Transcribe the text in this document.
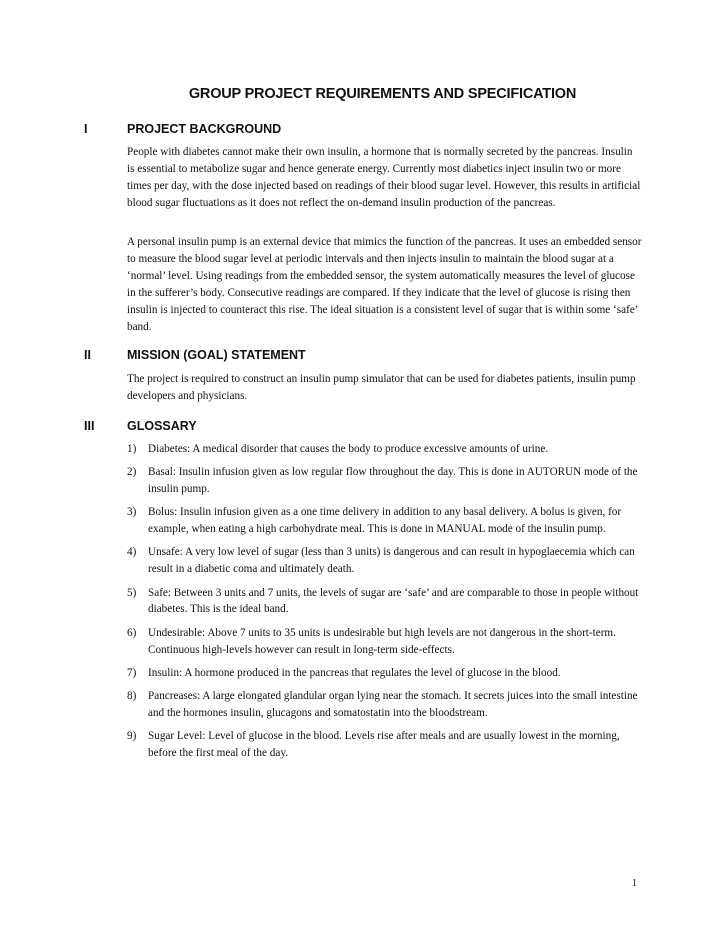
GROUP PROJECT REQUIREMENTS AND SPECIFICATION
I	PROJECT BACKGROUND

People with diabetes cannot make their own insulin, a hormone that is normally secreted by the pancreas. Insulin is essential to metabolize sugar and hence generate energy. Currently most diabetics inject insulin two or more times per day, with the dose injected based on readings of their blood sugar level. However, this results in artificial blood sugar fluctuations as it does not reflect the on-demand insulin production of the pancreas.

A personal insulin pump is an external device that mimics the function of the pancreas. It uses an embedded sensor to measure the blood sugar level at periodic intervals and then injects insulin to maintain the blood sugar at a ‘normal’ level. Using readings from the embedded sensor, the system automatically measures the level of glucose in the sufferer’s body. Consecutive readings are compared. If they indicate that the level of glucose is rising then insulin is injected to counteract this rise. The ideal situation is a consistent level of sugar that is within some ‘safe’ band.

II	MISSION (GOAL) STATEMENT

The project is required to construct an insulin pump simulator that can be used for diabetes patients, insulin pump developers and physicians.

III	GLOSSARY
1) Diabetes: A medical disorder that causes the body to produce excessive amounts of urine.
2) Basal: Insulin infusion given as low regular flow throughout the day. This is done in AUTORUN mode of the insulin pump.
3) Bolus: Insulin infusion given as a one time delivery in addition to any basal delivery. A bolus is given, for example, when eating a high carbohydrate meal. This is done in MANUAL mode of the insulin pump.
4) Unsafe: A very low level of sugar (less than 3 units) is dangerous and can result in hypoglaecemia which can result in a diabetic coma and ultimately death.
5) Safe: Between 3 units and 7 units, the levels of sugar are ‘safe’ and are comparable to those in people without diabetes. This is the ideal band.
6) Undesirable: Above 7 units to 35 units is undesirable but high levels are not dangerous in the short-term. Continuous high-levels however can result in long-term side-effects.
7) Insulin: A hormone produced in the pancreas that regulates the level of glucose in the blood.
8) Pancreases: A large elongated glandular organ lying near the stomach. It secrets juices into the small intestine and the hormones insulin, glucagons and somatostatin into the bloodstream.
9) Sugar Level: Level of glucose in the blood. Levels rise after meals and are usually lowest in the morning, before the first meal of the day.
1
